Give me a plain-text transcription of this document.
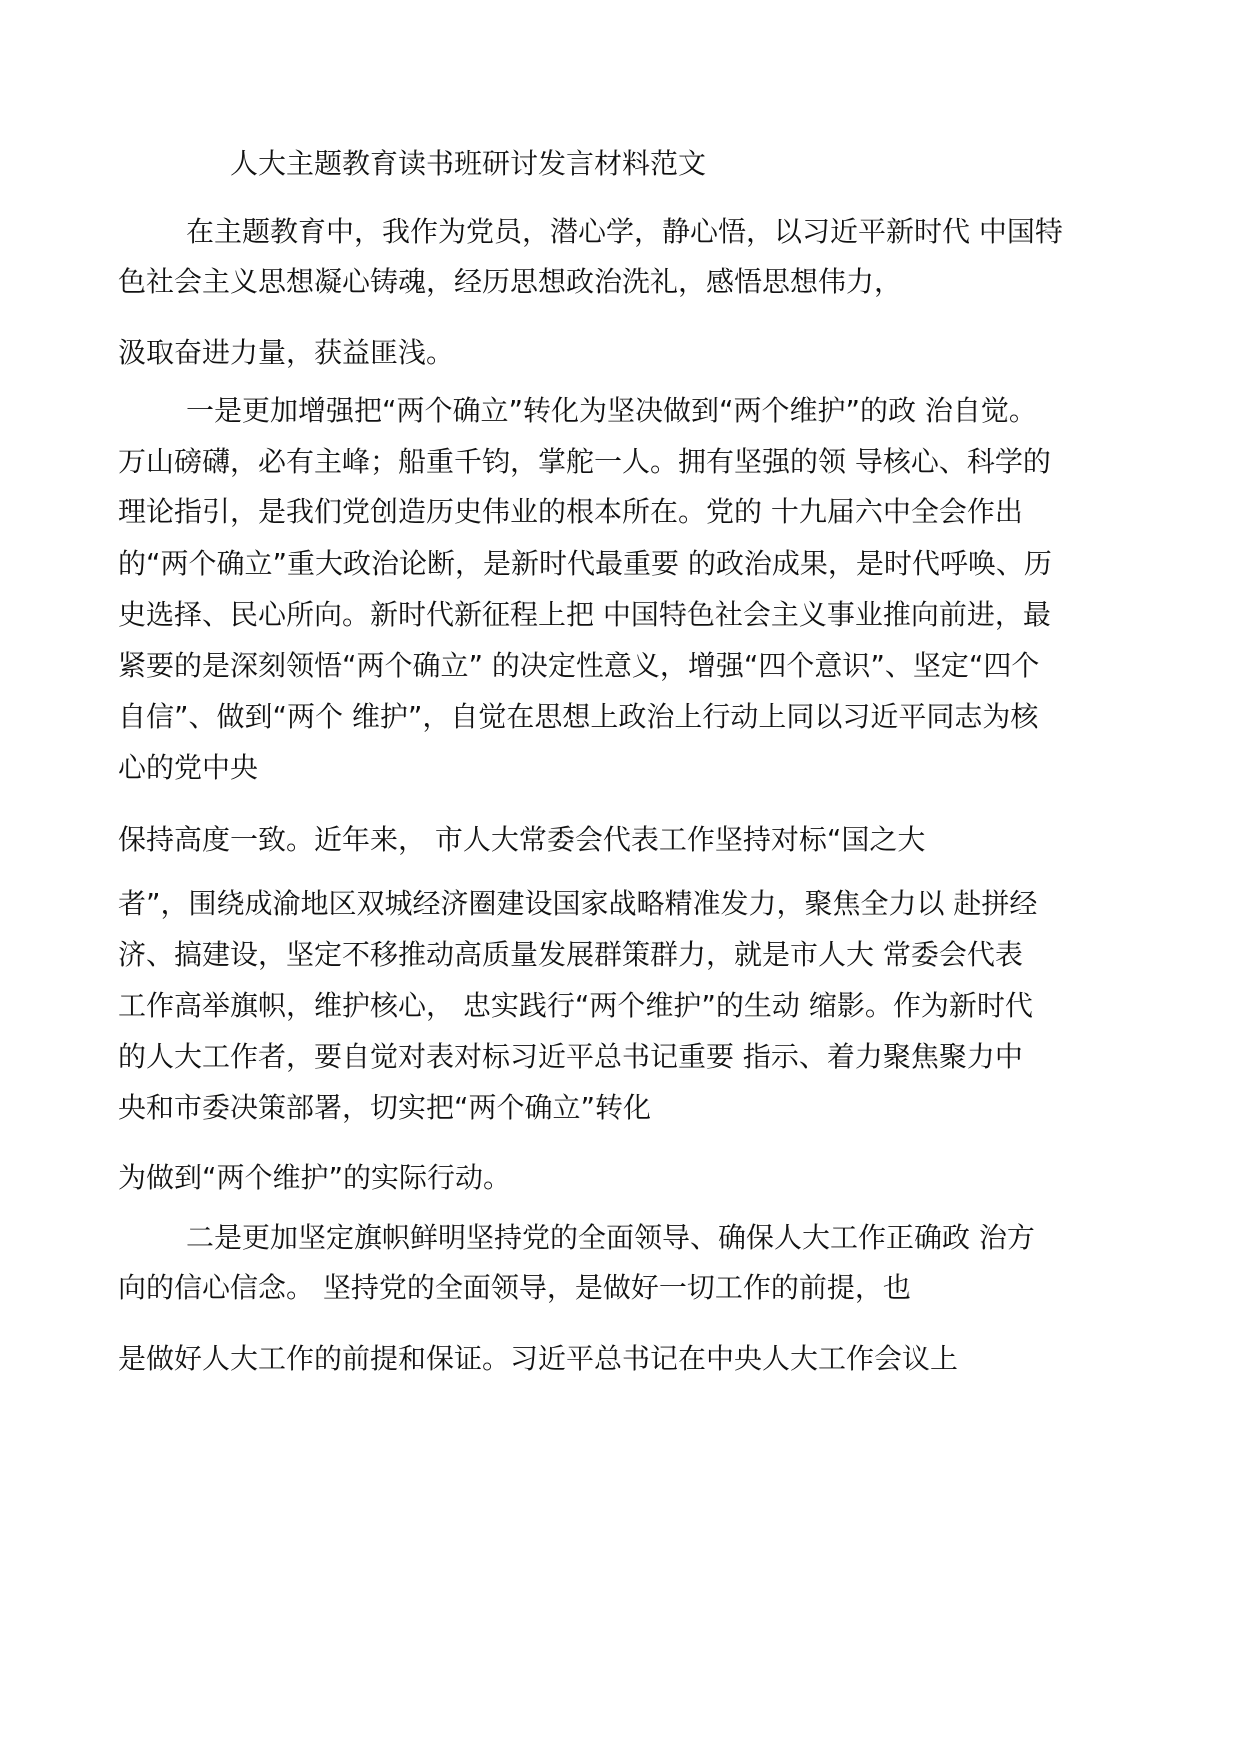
人大主题教育读书班研讨发言材料范文
在主题教育中，我作为党员，潜心学，静心悟，以习近平新时代 中国特
色社会主义思想凝心铸魂，经历思想政治洗礼，感悟思想伟力，
汲取奋进力量，获益匪浅。
一是更加增强把“两个确立”转化为坚决做到“两个维护”的政 治自觉。
万山磅礴，必有主峰；船重千钧，掌舵一人。拥有坚强的领 导核心、科学的
理论指引，是我们党创造历史伟业的根本所在。党的 十九届六中全会作出
的“两个确立”重大政治论断，是新时代最重要 的政治成果，是时代呼唤、历
史选择、民心所向。新时代新征程上把 中国特色社会主义事业推向前进，最
紧要的是深刻领悟“两个确立” 的决定性意义，增强“四个意识”、坚定“四个
自信”、做到“两个 维护”，自觉在思想上政治上行动上同以习近平同志为核
心的党中央
保持高度一致。近年来， 市人大常委会代表工作坚持对标“国之大
者”，围绕成渝地区双城经济圈建设国家战略精准发力，聚焦全力以 赴拼经
济、搞建设，坚定不移推动高质量发展群策群力，就是市人大 常委会代表
工作高举旗帜，维护核心， 忠实践行“两个维护”的生动 缩影。作为新时代
的人大工作者，要自觉对表对标习近平总书记重要 指示、着力聚焦聚力中
央和市委决策部署，切实把“两个确立”转化
为做到“两个维护”的实际行动。
二是更加坚定旗帜鲜明坚持党的全面领导、确保人大工作正确政 治方
向的信心信念。 坚持党的全面领导，是做好一切工作的前提，也
是做好人大工作的前提和保证。习近平总书记在中央人大工作会议上
